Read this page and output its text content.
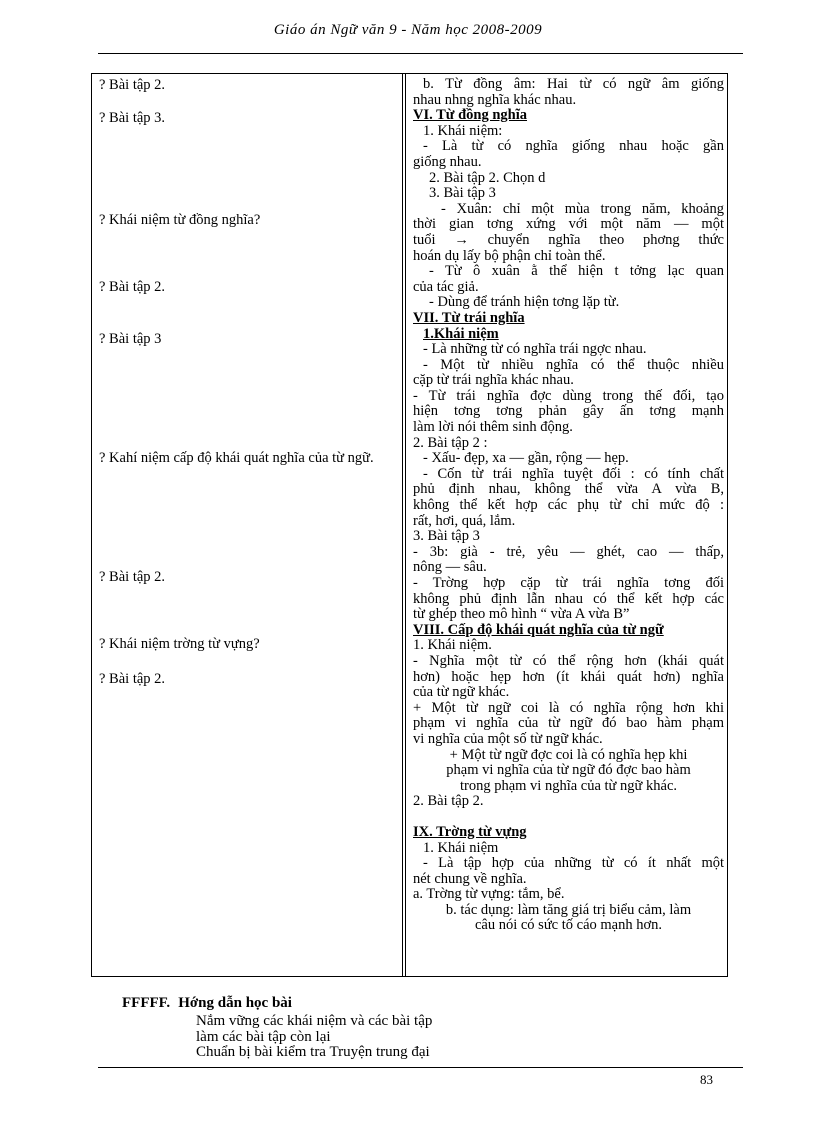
Giáo án Ngữ văn 9 - Năm học 2008-2009
? Bài tập 2.
? Bài tập 3.
? Khái niệm từ đồng nghĩa?
? Bài tập 2.
? Bài tập 3
? Kahí niệm cấp độ khái quát nghĩa của từ ngữ.
? Bài tập 2.
? Khái niệm trờng từ vựng?
? Bài tập 2.
b. Từ đồng âm: Hai từ có ngữ âm giống
nhau nhng nghĩa khác nhau.
VI. Từ đồng nghĩa
1. Khái niệm:
- Là từ có nghĩa giống nhau hoặc gần
giống nhau.
2. Bài tập 2. Chọn d
3. Bài tập 3
- Xuân: chỉ một mùa trong năm, khoảng
thời gian tơng xứng với một năm — một
tuổi → chuyển nghĩa theo phơng thức
hoán dụ lấy bộ phận chỉ toàn thể.
- Từ ô xuân ằ thể hiện t tởng lạc quan
của tác giả.
- Dùng để tránh hiện tơng lặp từ.
VII. Từ trái nghĩa
1.Khái niệm
- Là những từ có nghĩa trái ngợc nhau.
- Một từ nhiều nghĩa có thể thuộc nhiều
cặp từ trái nghĩa khác nhau.
- Từ trái nghĩa đợc dùng trong thế đối, tạo
hiện tơng tơng phản gây ấn tơng mạnh
làm lời nói thêm sinh động.
2. Bài tập 2 :
- Xấu- đẹp, xa — gần, rộng — hẹp.
- Cốn từ trái nghĩa tuyệt đối : có tính chất
phủ định nhau, không thể vừa A vừa B,
không thể kết hợp các phụ từ chỉ mức độ :
rất, hơi, quá, lắm.
3. Bài tập 3
- 3b: già - trẻ, yêu — ghét, cao — thấp,
nông — sâu.
- Trờng hợp cặp từ trái nghĩa tơng đối
không phủ định lẫn nhau có thể kết hợp các
từ ghép theo mô hình “ vừa A vừa B”
VIII. Cấp độ khái quát nghĩa của từ ngữ
1. Khái niệm.
- Nghĩa một từ có thể rộng hơn (khái quát
hơn) hoặc hẹp hơn (ít khái quát hơn) nghĩa
của từ ngữ khác.
+ Một từ ngữ coi là có nghĩa rộng hơn khi
phạm vi nghĩa của từ ngữ đó bao hàm phạm
vi nghĩa của một số từ ngữ khác.
+ Một từ ngữ đợc coi là có nghĩa hẹp khi
phạm vi nghĩa của từ ngữ đó đợc bao hàm
trong phạm vi nghĩa của từ ngữ khác.
2. Bài tập 2.
IX. Trờng từ vựng
1. Khái niệm
- Là tập hợp của những từ có ít nhất một
nét chung về nghĩa.
a. Trờng từ vựng: tắm, bể.
b. tác dụng: làm tăng giá trị biểu cảm, làm
câu nói có sức tố cáo mạnh hơn.
FFFFF. Hớng dẫn học bài
Nắm vững các khái niệm và các bài tập
làm các bài tập còn lại
Chuẩn bị bài kiểm tra Truyện trung đại
83
